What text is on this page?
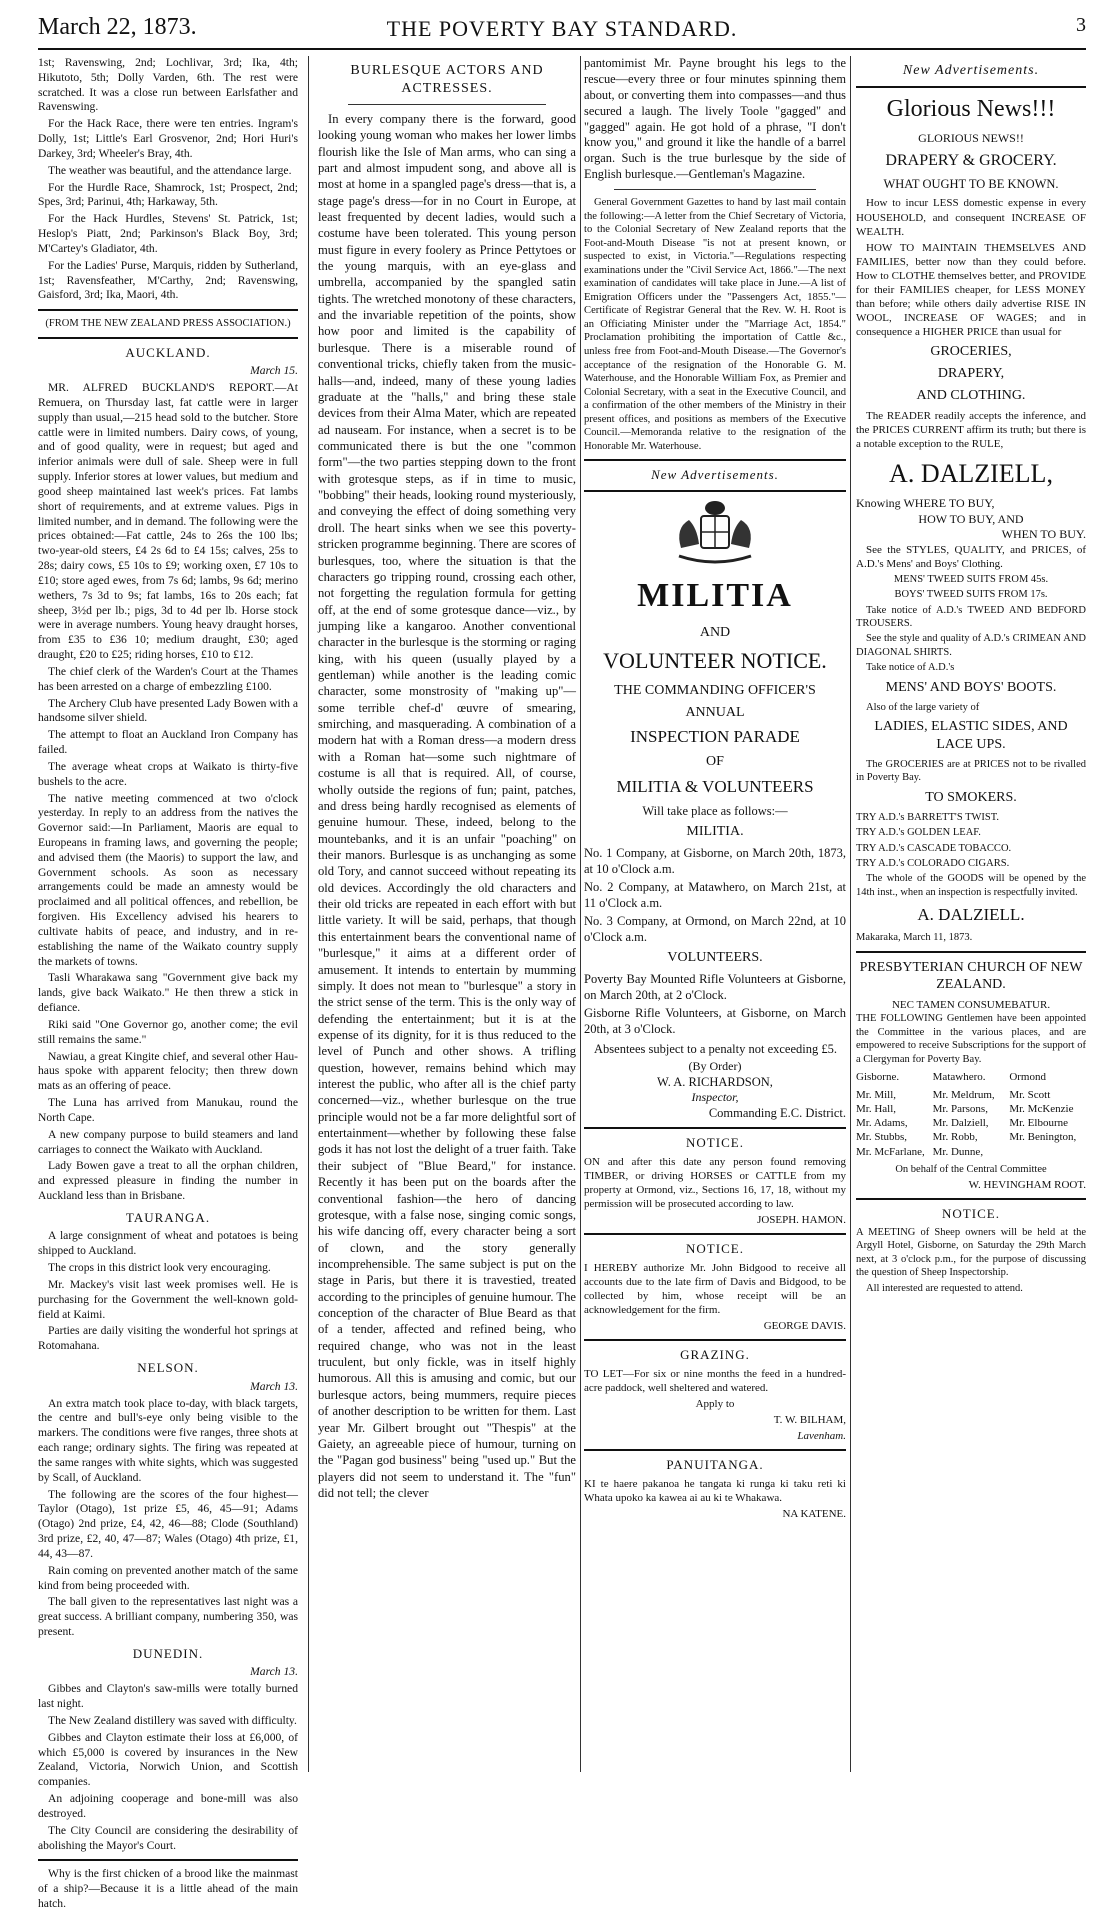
March 22, 1873.	THE POVERTY BAY STANDARD.	3

1st; Ravenswing, 2nd; Lochlivar, 3rd; Ika, 4th; Hikutoto, 5th; Dolly Varden, 6th. The rest were scratched. It was a close run between Earlsfather and Ravenswing.

For the Hack Race, there were ten entries. Ingram's Dolly, 1st; Little's Earl Grosvenor, 2nd; Hori Huri's Darkey, 3rd; Wheeler's Bray, 4th.

The weather was beautiful, and the attendance large.

For the Hurdle Race, Shamrock, 1st; Prospect, 2nd; Spes, 3rd; Parinui, 4th; Harkaway, 5th.

For the Hack Hurdles, Stevens' St. Patrick, 1st; Heslop's Piatt, 2nd; Parkinson's Black Boy, 3rd; M'Cartey's Gladiator, 4th.

For the Ladies' Purse, Marquis, ridden by Sutherland, 1st; Ravensfeather, M'Carthy, 2nd; Ravenswing, Gaisford, 3rd; Ika, Maori, 4th.

(FROM THE NEW ZEALAND PRESS ASSOCIATION.)

AUCKLAND.

March 15.

MR. ALFRED BUCKLAND'S REPORT.—At Remuera, on Thursday last, fat cattle were in larger supply than usual,—215 head sold to the butcher. Store cattle were in limited numbers. Dairy cows, of young, and of good quality, were in request; but aged and inferior animals were dull of sale. Sheep were in full supply. Inferior stores at lower values, but medium and good sheep maintained last week's prices. Fat lambs short of requirements, and at extreme values. Pigs in limited number, and in demand. The following were the prices obtained:—Fat cattle, 24s to 26s the 100 lbs; two-year-old steers, £4 2s 6d to £4 15s; calves, 25s to 28s; dairy cows, £5 10s to £9; working oxen, £7 10s to £10; store aged ewes, from 7s 6d; lambs, 9s 6d; merino wethers, 7s 3d to 9s; fat lambs, 16s to 20s each; fat sheep, 3½d per lb.; pigs, 3d to 4d per lb. Horse stock were in average numbers. Young heavy draught horses, from £35 to £36 10; medium draught, £30; aged draught, £20 to £25; riding horses, £10 to £12.

The chief clerk of the Warden's Court at the Thames has been arrested on a charge of embezzling £100.

The Archery Club have presented Lady Bowen with a handsome silver shield.

The attempt to float an Auckland Iron Company has failed.

The average wheat crops at Waikato is thirty-five bushels to the acre.

The native meeting commenced at two o'clock yesterday. In reply to an address from the natives the Governor said:—In Parliament, Maoris are equal to Europeans in framing laws, and governing the people; and advised them (the Maoris) to support the law, and Government schools. As soon as necessary arrangements could be made an amnesty would be proclaimed and all political offences, and rebellion, be forgiven. His Excellency advised his hearers to cultivate habits of peace, and industry, and in re-establishing the name of the Waikato country supply the markets of towns.

Tasli Wharakawa sang "Government give back my lands, give back Waikato." He then threw a stick in defiance.

Riki said "One Governor go, another come; the evil still remains the same."

Nawiau, a great Kingite chief, and several other Hau-haus spoke with apparent felocity; then threw down mats as an offering of peace.

The Luna has arrived from Manukau, round the North Cape.

A new company purpose to build steamers and land carriages to connect the Waikato with Auckland.

Lady Bowen gave a treat to all the orphan children, and expressed pleasure in finding the number in Auckland less than in Brisbane.

TAURANGA.

A large consignment of wheat and potatoes is being shipped to Auckland.

The crops in this district look very encouraging.

Mr. Mackey's visit last week promises well. He is purchasing for the Government the well-known gold-field at Kaimi.

Parties are daily visiting the wonderful hot springs at Rotomahana.

NELSON.

March 13.

An extra match took place to-day, with black targets, the centre and bull's-eye only being visible to the markers. The conditions were five ranges, three shots at each range; ordinary sights. The firing was repeated at the same ranges with white sights, which was suggested by Scall, of Auckland.

The following are the scores of the four highest—Taylor (Otago), 1st prize £5, 46, 45—91; Adams (Otago) 2nd prize, £4, 42, 46—88; Clode (Southland) 3rd prize, £2, 40, 47—87; Wales (Otago) 4th prize, £1, 44, 43—87.

Rain coming on prevented another match of the same kind from being proceeded with.

The ball given to the representatives last night was a great success. A brilliant company, numbering 350, was present.

DUNEDIN.

March 13.

Gibbes and Clayton's saw-mills were totally burned last night.

The New Zealand distillery was saved with difficulty.

Gibbes and Clayton estimate their loss at £6,000, of which £5,000 is covered by insurances in the New Zealand, Victoria, Norwich Union, and Scottish companies.

An adjoining cooperage and bone-mill was also destroyed.

The City Council are considering the desirability of abolishing the Mayor's Court.

Why is the first chicken of a brood like the mainmast of a ship?—Because it is a little ahead of the main hatch.

BURLESQUE ACTORS AND ACTRESSES.

In every company there is the forward, good looking young woman who makes her lower limbs flourish like the Isle of Man arms, who can sing a part and almost impudent song, and above all is most at home in a spangled page's dress—that is, a stage page's dress—for in no Court in Europe, at least frequented by decent ladies, would such a costume have been tolerated. This young person must figure in every foolery as Prince Pettytoes or the young marquis, with an eye-glass and umbrella, accompanied by the spangled satin tights. The wretched monotony of these characters, and the invariable repetition of the points, show how poor and limited is the capability of burlesque. There is a miserable round of conventional tricks, chiefly taken from the music-halls—and, indeed, many of these young ladies graduate at the "halls," and bring these stale devices from their Alma Mater, which are repeated ad nauseam. For instance, when a secret is to be communicated there is but the one "common form"—the two parties stepping down to the front with grotesque steps, as if in time to music, "bobbing" their heads, looking round mysteriously, and conveying the effect of doing something very droll. The heart sinks when we see this poverty-stricken programme beginning. There are scores of burlesques, too, where the situation is that the characters go tripping round, crossing each other, not forgetting the regulation formula for getting off, at the end of some grotesque dance—viz., by jumping like a kangaroo. Another conventional character in the burlesque is the storming or raging king, with his queen (usually played by a gentleman) while another is the leading comic character, some monstrosity of "making up"—some terrible chef-d' œuvre of smearing, smirching, and masquerading. A combination of a modern hat with a Roman dress—a modern dress with a Roman hat—some such nightmare of costume is all that is required. All, of course, wholly outside the regions of fun; paint, patches, and dress being hardly recognised as elements of genuine humour. These, indeed, belong to the mountebanks, and it is an unfair "poaching" on their manors. Burlesque is as unchanging as some old Tory, and cannot succeed without repeating its old devices. Accordingly the old characters and their old tricks are repeated in each effort with but little variety. It will be said, perhaps, that though this entertainment bears the conventional name of "burlesque," it aims at a different order of amusement. It intends to entertain by mumming simply. It does not mean to "burlesque" a story in the strict sense of the term. This is the only way of defending the entertainment; but it is at the expense of its dignity, for it is thus reduced to the level of Punch and other shows. A trifling question, however, remains behind which may interest the public, who after all is the chief party concerned—viz., whether burlesque on the true principle would not be a far more delightful sort of entertainment—whether by following these false gods it has not lost the delight of a truer faith. Take their subject of "Blue Beard," for instance. Recently it has been put on the boards after the conventional fashion—the hero of dancing grotesque, with a false nose, singing comic songs, his wife dancing off, every character being a sort of clown, and the story generally incomprehensible. The same subject is put on the stage in Paris, but there it is travestied, treated according to the principles of genuine humour. The conception of the character of Blue Beard as that of a tender, affected and refined being, who required change, who was not in the least truculent, but only fickle, was in itself highly humorous. All this is amusing and comic, but our burlesque actors, being mummers, require pieces of another description to be written for them. Last year Mr. Gilbert brought out "Thespis" at the Gaiety, an agreeable piece of humour, turning on the "Pagan god business" being "used up." But the players did not seem to understand it. The "fun" did not tell; the clever

pantomimist Mr. Payne brought his legs to the rescue—every three or four minutes spinning them about, or converting them into compasses—and thus secured a laugh. The lively Toole "gagged" and "gagged" again. He got hold of a phrase, "I don't know you," and ground it like the handle of a barrel organ. Such is the true burlesque by the side of English burlesque.—Gentleman's Magazine.

General Government Gazettes to hand by last mail contain the following:—A letter from the Chief Secretary of Victoria, to the Colonial Secretary of New Zealand reports that the Foot-and-Mouth Disease "is not at present known, or suspected to exist, in Victoria."—Regulations respecting examinations under the "Civil Service Act, 1866."—The next examination of candidates will take place in June.—A list of Emigration Officers under the "Passengers Act, 1855."—Certificate of Registrar General that the Rev. W. H. Root is an Officiating Minister under the "Marriage Act, 1854." Proclamation prohibiting the importation of Cattle &c., unless free from Foot-and-Mouth Disease.—The Governor's acceptance of the resignation of the Honorable G. M. Waterhouse, and the Honorable William Fox, as Premier and Colonial Secretary, with a seat in the Executive Council, and a confirmation of the other members of the Ministry in their present offices, and positions as members of the Executive Council.—Memoranda relative to the resignation of the Honorable Mr. Waterhouse.

New Advertisements.
MILITIA
AND
VOLUNTEER NOTICE.
THE COMMANDING OFFICER'S
ANNUAL
INSPECTION PARADE
OF
MILITIA & VOLUNTEERS
Will take place as follows:—
MILITIA.

No. 1 Company, at Gisborne, on March 20th, 1873, at 10 o'Clock a.m.

No. 2 Company, at Matawhero, on March 21st, at 11 o'Clock a.m.

No. 3 Company, at Ormond, on March 22nd, at 10 o'Clock a.m.

VOLUNTEERS.

Poverty Bay Mounted Rifle Volunteers at Gisborne, on March 20th, at 2 o'Clock.

Gisborne Rifle Volunteers, at Gisborne, on March 20th, at 3 o'Clock.

Absentees subject to a penalty not exceeding £5.

(By Order)
W. A. RICHARDSON,
Inspector,
Commanding E.C. District.
NOTICE.

ON and after this date any person found removing TIMBER, or driving HORSES or CATTLE from my property at Ormond, viz., Sections 16, 17, 18, without my permission will be prosecuted according to law.

JOSEPH. HAMON.

NOTICE.

I HEREBY authorize Mr. John Bidgood to receive all accounts due to the late firm of Davis and Bidgood, to be collected by him, whose receipt will be an acknowledgement for the firm.

GEORGE DAVIS.

GRAZING.

TO LET—For six or nine months the feed in a hundred-acre paddock, well sheltered and watered.

Apply to

T. W. BILHAM,

Lavenham.

PANUITANGA.

KI te haere pakanoa he tangata ki runga ki taku reti ki Whata upoko ka kawea ai au ki te Whakawa.

NA KATENE.

New Advertisements.
Glorious News!!!
GLORIOUS NEWS!!
DRAPERY & GROCERY.
WHAT OUGHT TO BE KNOWN.

How to incur LESS domestic expense in every HOUSEHOLD, and consequent INCREASE OF WEALTH.

HOW TO MAINTAIN THEMSELVES AND FAMILIES, better now than they could before. How to CLOTHE themselves better, and PROVIDE for their FAMILIES cheaper, for LESS MONEY than before; while others daily advertise RISE IN WOOL, INCREASE OF WAGES; and in consequence a HIGHER PRICE than usual for

GROCERIES,
DRAPERY,
AND CLOTHING.

The READER readily accepts the inference, and the PRICES CURRENT affirm its truth; but there is a notable exception to the RULE,

A. DALZIELL,
Knowing WHERE TO BUY,
HOW TO BUY, AND
WHEN TO BUY.

See the STYLES, QUALITY, and PRICES, of A.D.'s Mens' and Boys' Clothing.

MENS' TWEED SUITS FROM 45s.

BOYS' TWEED SUITS FROM 17s.

Take notice of A.D.'s TWEED AND BEDFORD TROUSERS.

See the style and quality of A.D.'s CRIMEAN AND DIAGONAL SHIRTS.

Take notice of A.D.'s

MENS' AND BOYS' BOOTS.

Also of the large variety of

LADIES, ELASTIC SIDES, AND LACE UPS.

The GROCERIES are at PRICES not to be rivalled in Poverty Bay.

TO SMOKERS.

TRY A.D.'s BARRETT'S TWIST.

TRY A.D.'s GOLDEN LEAF.

TRY A.D.'s CASCADE TOBACCO.

TRY A.D.'s COLORADO CIGARS.

The whole of the GOODS will be opened by the 14th inst., when an inspection is respectfully invited.

A. DALZIELL.

Makaraka, March 11, 1873.

PRESBYTERIAN CHURCH OF NEW ZEALAND.
NEC TAMEN CONSUMEBATUR.

THE FOLLOWING Gentlemen have been appointed the Committee in the various places, and are empowered to receive Subscriptions for the support of a Clergyman for Poverty Bay.

Gisborne.	Matawhero.	Ormond
Mr. Mill,	Mr. Meldrum,	Mr. Scott
Mr. Hall,	Mr. Parsons,	Mr. McKenzie
Mr. Adams,	Mr. Dalziell,	Mr. Elbourne
Mr. Stubbs,	Mr. Robb,	Mr. Benington,
Mr. McFarlane, Mr. Dunne,

On behalf of the Central Committee

W. HEVINGHAM ROOT.

NOTICE.

A MEETING of Sheep owners will be held at the Argyll Hotel, Gisborne, on Saturday the 29th March next, at 3 o'clock p.m., for the purpose of discussing the question of Sheep Inspectorship.

All interested are requested to attend.
